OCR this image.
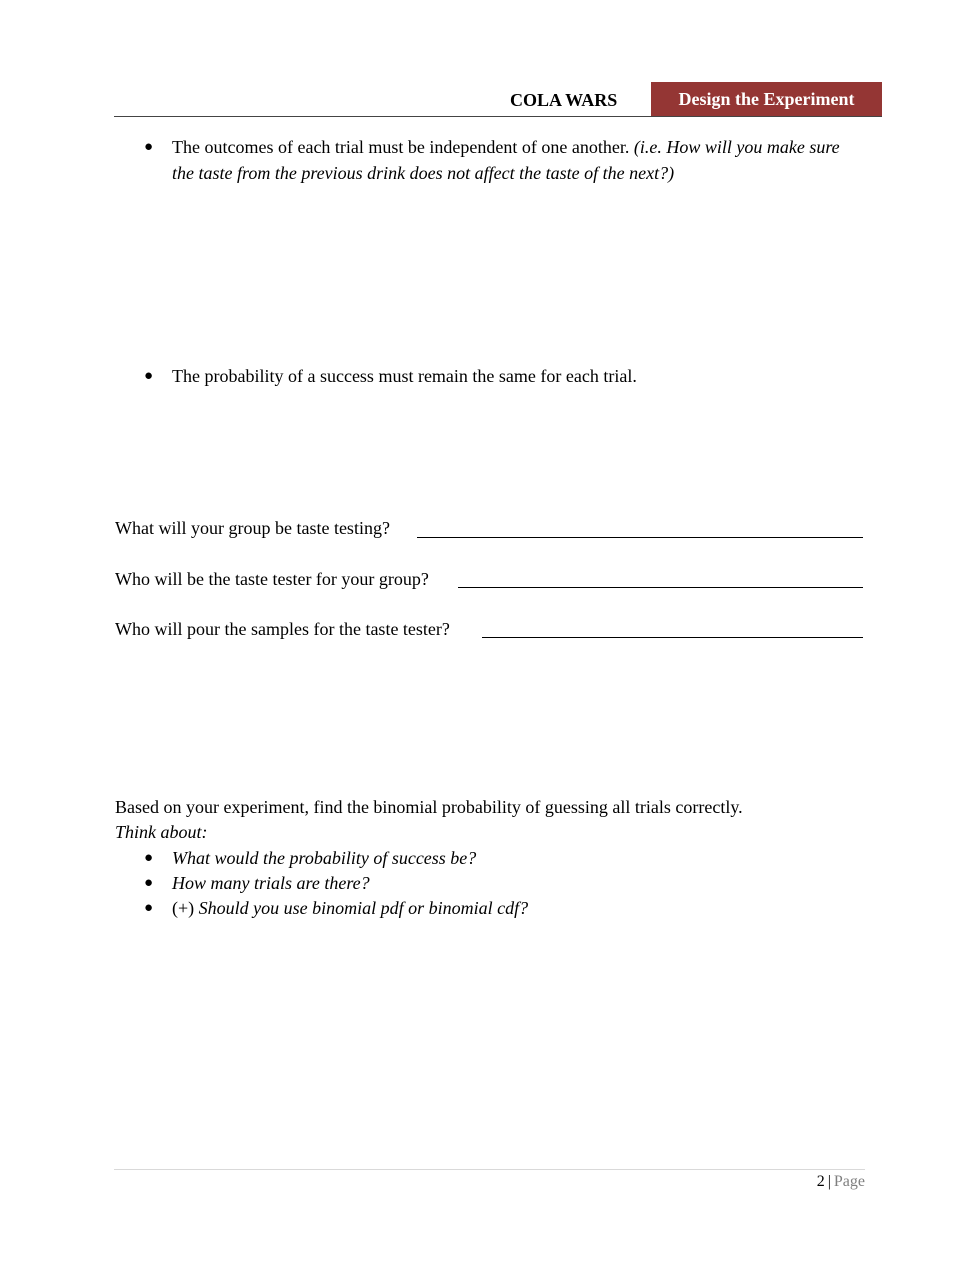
COLA WARS	Design the Experiment
● The outcomes of each trial must be independent of one another. (i.e. How will you make sure the taste from the previous drink does not affect the taste of the next?)
● The probability of a success must remain the same for each trial.
What will your group be taste testing?
Who will be the taste tester for your group?
Who will pour the samples for the taste tester?
Based on your experiment, find the binomial probability of guessing all trials correctly.
Think about:
● What would the probability of success be?
● How many trials are there?
● (+) Should you use binomial pdf or binomial cdf?
2 | Page
